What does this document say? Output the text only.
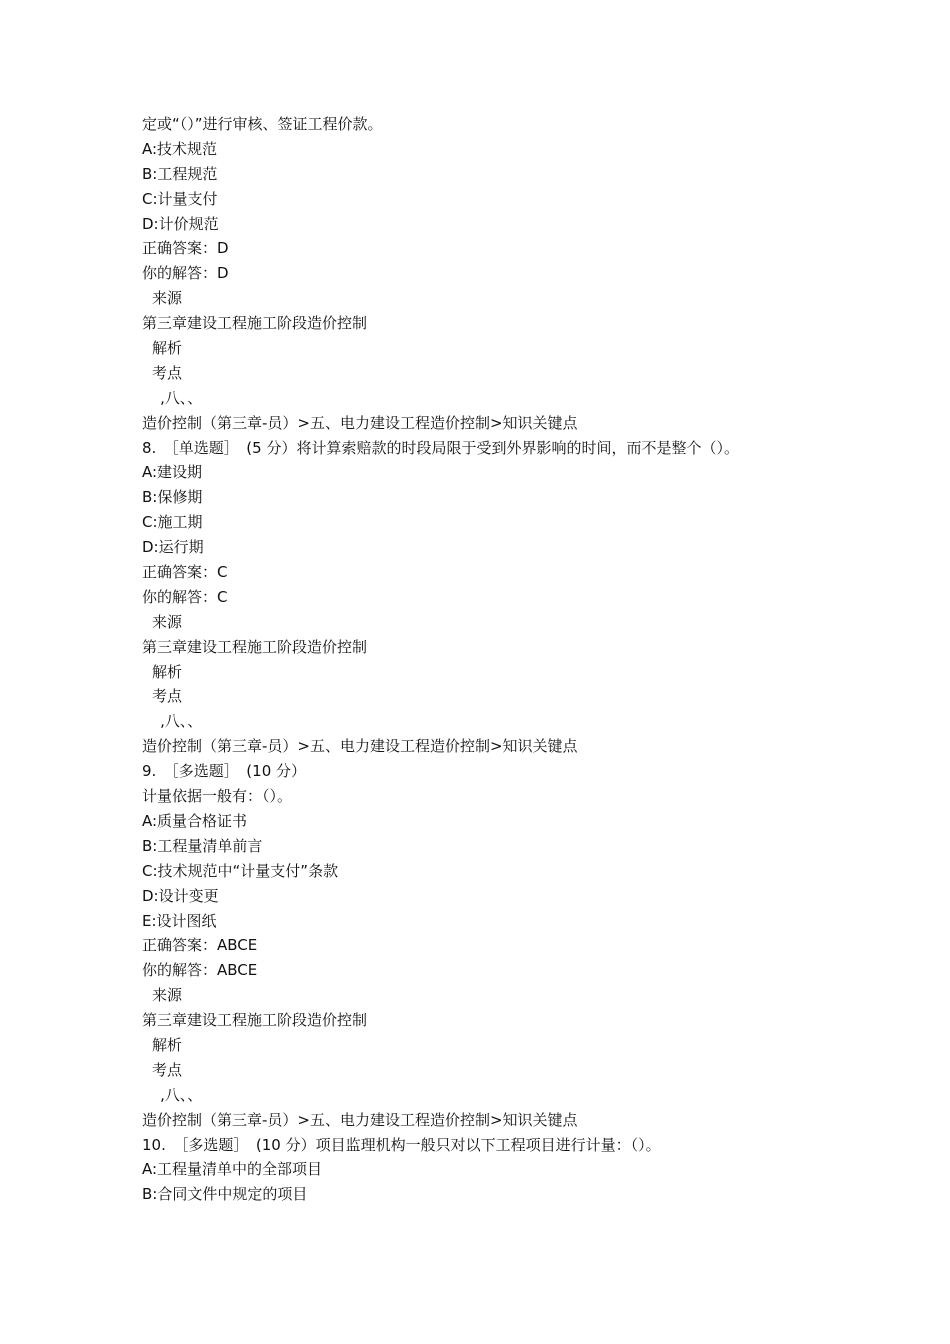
定或“（）”进行审核、签证工程价款。
A:技术规范
B:工程规范
C:计量支付
D:计价规范
正确答案：D
你的解答：D
来源
第三章建设工程施工阶段造价控制
解析
考点
‚八、、
造价控制（第三章-员）>五、电力建设工程造价控制>知识关键点
8.　［单选题］　(5 分）将计算索赔款的时段局限于受到外界影响的时间，而不是整个（）。
A:建设期
B:保修期
C:施工期
D:运行期
正确答案：C
你的解答：C
来源
第三章建设工程施工阶段造价控制
解析
考点
‚八、、
造价控制（第三章-员）>五、电力建设工程造价控制>知识关键点
9.　［多选题］　(10 分）
计量依据一般有：（）。
A:质量合格证书
B:工程量清单前言
C:技术规范中“计量支付”条款
D:设计变更
E:设计图纸
正确答案：ABCE
你的解答：ABCE
来源
第三章建设工程施工阶段造价控制
解析
考点
‚八、、
造价控制（第三章-员）>五、电力建设工程造价控制>知识关键点
10.　［多选题］　(10 分）项目监理机构一般只对以下工程项目进行计量：（）。
A:工程量清单中的全部项目
B:合同文件中规定的项目
